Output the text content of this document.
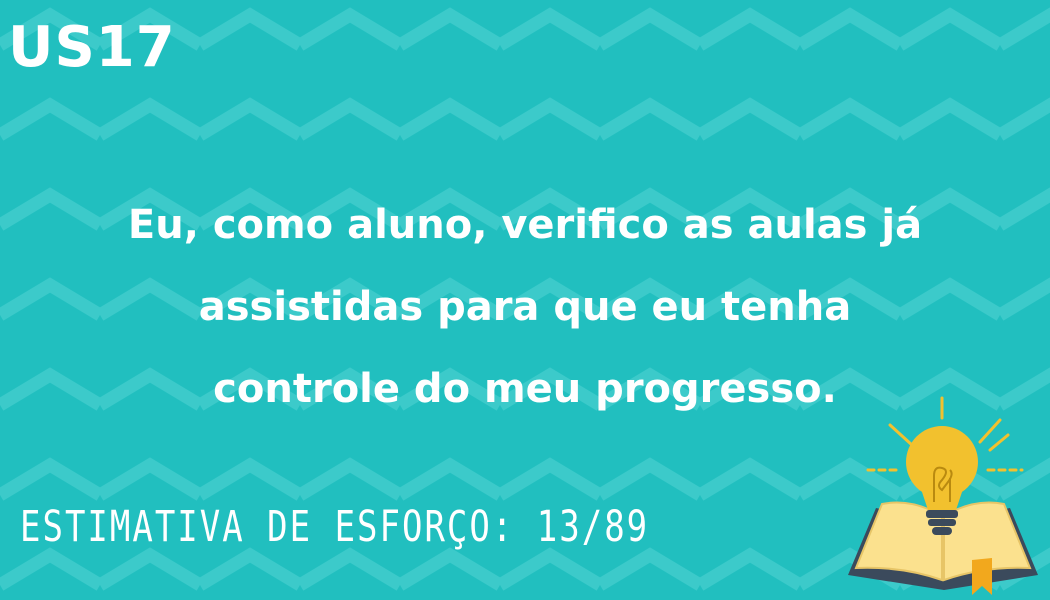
US17

Eu, como aluno, verifico as aulas já
assistidas para que eu tenha
controle do meu progresso.

ESTIMATIVA DE ESFORÇO: 13/89
